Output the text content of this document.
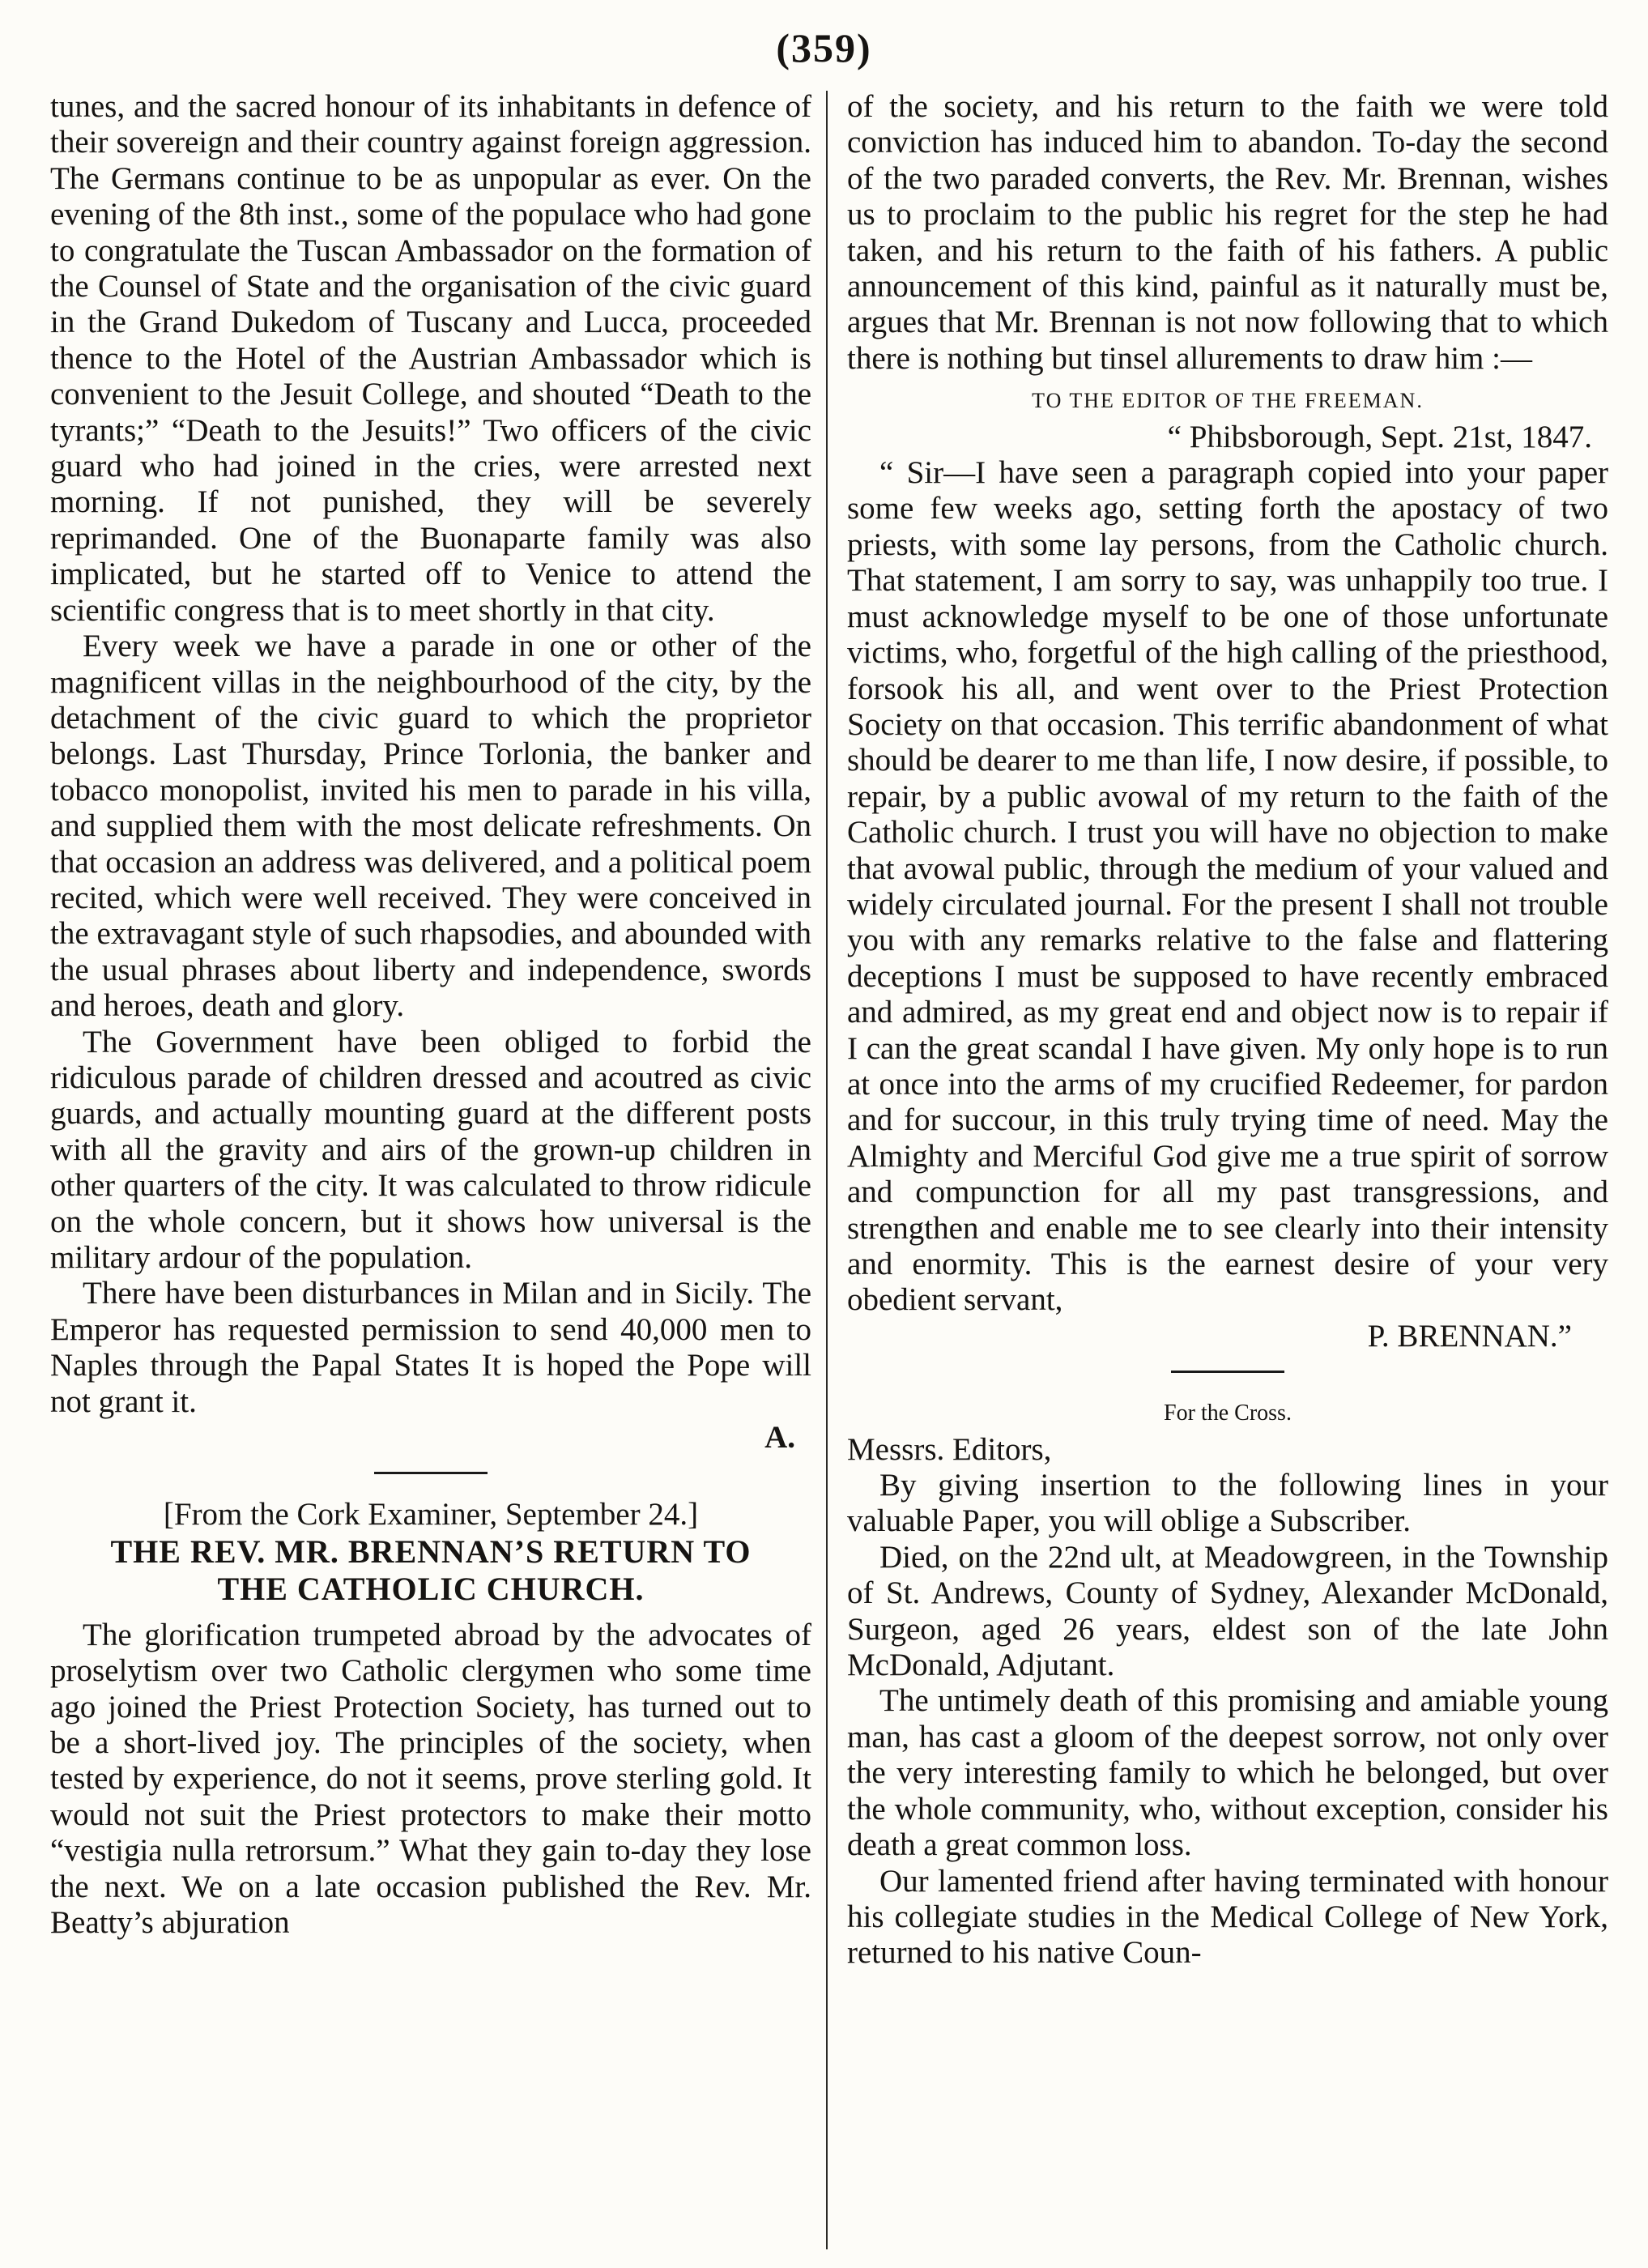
(359)

tunes, and the sacred honour of its inhabitants in defence of their sovereign and their country against foreign aggression. The Germans continue to be as unpopular as ever. On the evening of the 8th inst., some of the populace who had gone to congratulate the Tuscan Ambassador on the formation of the Counsel of State and the organisation of the civic guard in the Grand Dukedom of Tuscany and Lucca, proceeded thence to the Hotel of the Austrian Ambassador which is convenient to the Jesuit College, and shouted “Death to the tyrants;” “Death to the Jesuits!” Two officers of the civic guard who had joined in the cries, were arrested next morning. If not punished, they will be severely reprimanded. One of the Buonaparte family was also implicated, but he started off to Venice to attend the scientific congress that is to meet shortly in that city.

Every week we have a parade in one or other of the magnificent villas in the neighbourhood of the city, by the detachment of the civic guard to which the proprietor belongs. Last Thursday, Prince Torlonia, the banker and tobacco monopolist, invited his men to parade in his villa, and supplied them with the most delicate refreshments. On that occasion an address was delivered, and a political poem recited, which were well received. They were conceived in the extravagant style of such rhapsodies, and abounded with the usual phrases about liberty and independence, swords and heroes, death and glory.

The Government have been obliged to forbid the ridiculous parade of children dressed and acoutred as civic guards, and actually mounting guard at the different posts with all the gravity and airs of the grown-up children in other quarters of the city. It was calculated to throw ridicule on the whole concern, but it shows how universal is the military ardour of the population.

There have been disturbances in Milan and in Sicily. The Emperor has requested permission to send 40,000 men to Naples through the Papal States It is hoped the Pope will not grant it.

A.

[From the Cork Examiner, September 24.]

THE REV. MR. BRENNAN’S RETURN TO

THE CATHOLIC CHURCH.

The glorification trumpeted abroad by the advocates of proselytism over two Catholic clergymen who some time ago joined the Priest Protection Society, has turned out to be a short-lived joy. The principles of the society, when tested by experience, do not it seems, prove sterling gold. It would not suit the Priest protectors to make their motto “vestigia nulla retrorsum.” What they gain to-day they lose the next. We on a late occasion published the Rev. Mr. Beatty’s abjuration

of the society, and his return to the faith we were told conviction has induced him to abandon. To-day the second of the two paraded converts, the Rev. Mr. Brennan, wishes us to proclaim to the public his regret for the step he had taken, and his return to the faith of his fathers. A public announcement of this kind, painful as it naturally must be, argues that Mr. Brennan is not now following that to which there is nothing but tinsel allurements to draw him :—

TO THE EDITOR OF THE FREEMAN.

“ Phibsborough, Sept. 21st, 1847.

“ Sir—I have seen a paragraph copied into your paper some few weeks ago, setting forth the apostacy of two priests, with some lay persons, from the Catholic church. That statement, I am sorry to say, was unhappily too true. I must acknowledge myself to be one of those unfortunate victims, who, forgetful of the high calling of the priesthood, forsook his all, and went over to the Priest Protection Society on that occasion. This terrific abandonment of what should be dearer to me than life, I now desire, if possible, to repair, by a public avowal of my return to the faith of the Catholic church. I trust you will have no objection to make that avowal public, through the medium of your valued and widely circulated journal. For the present I shall not trouble you with any remarks relative to the false and flattering deceptions I must be supposed to have recently embraced and admired, as my great end and object now is to repair if I can the great scandal I have given. My only hope is to run at once into the arms of my crucified Redeemer, for pardon and for succour, in this truly trying time of need. May the Almighty and Merciful God give me a true spirit of sorrow and compunction for all my past transgressions, and strengthen and enable me to see clearly into their intensity and enormity. This is the earnest desire of your very obedient servant,

P. BRENNAN.”

For the Cross.

Messrs. Editors,

By giving insertion to the following lines in your valuable Paper, you will oblige a Subscriber.

Died, on the 22nd ult, at Meadowgreen, in the Township of St. Andrews, County of Sydney, Alexander McDonald, Surgeon, aged 26 years, eldest son of the late John McDonald, Adjutant.

The untimely death of this promising and amiable young man, has cast a gloom of the deepest sorrow, not only over the very interesting family to which he belonged, but over the whole community, who, without exception, consider his death a great common loss.

Our lamented friend after having terminated with honour his collegiate studies in the Medical College of New York, returned to his native Coun-
